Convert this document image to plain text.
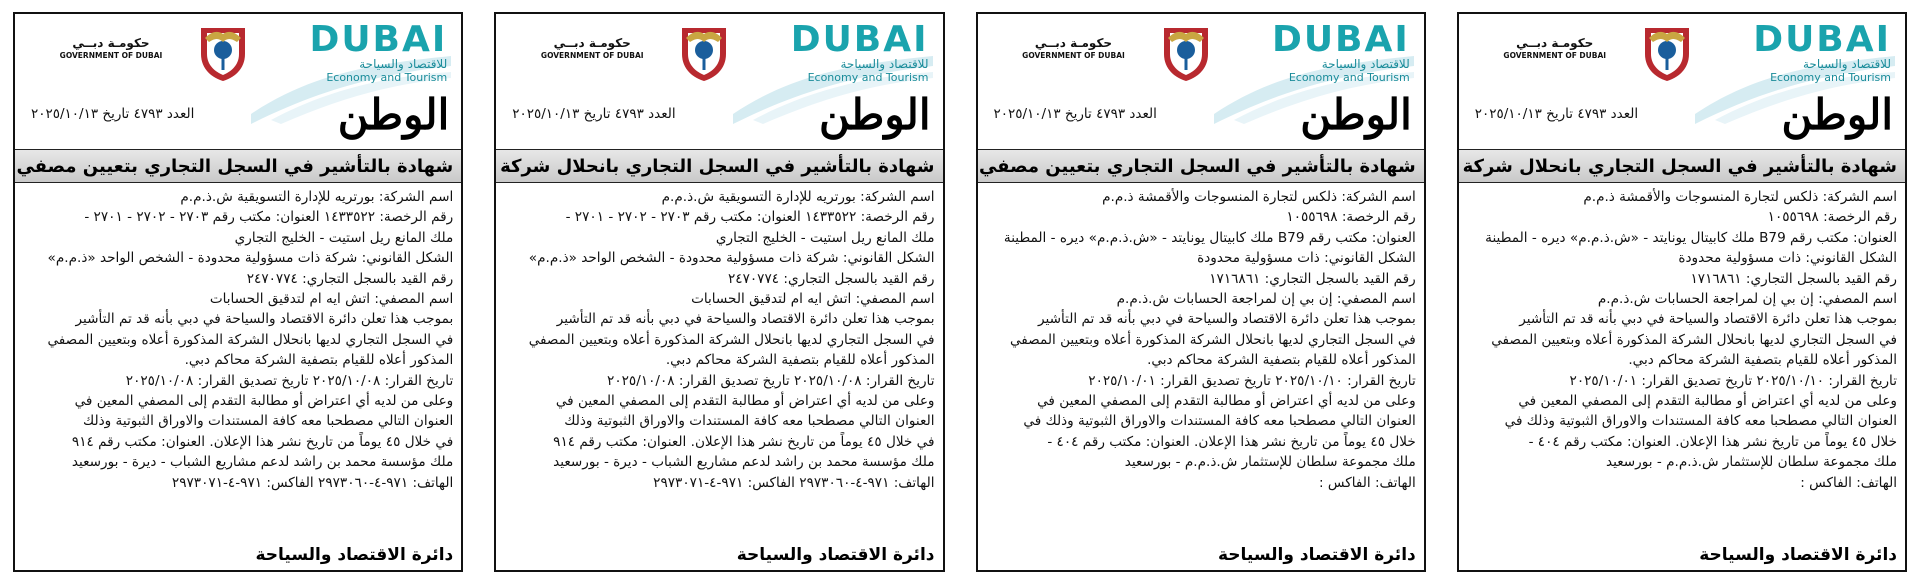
DUBAI
للاقتصاد والسياحة
Economy and Tourism
حكومـة دبــي
GOVERNMENT OF DUBAI
الوطن
العدد ٤٧٩٣ تاريخ ٢٠٢٥/١٠/١٣
شهادة بالتأشير في السجل التجاري بانحلال شركة
اسم الشركة: ذلكس لتجارة المنسوجات والأقمشة ذ.م.م
رقم الرخصة: ١٠٥٥٦٩٨
العنوان: مكتب رقم B79 ملك كابيتال يونايتد - «ش.ذ.م.م» ديره - المطينة
الشكل القانوني: ذات مسؤولية محدودة
رقم القيد بالسجل التجاري: ١٧١٦٨٦١
اسم المصفي: إن بي إن لمراجعة الحسابات ش.ذ.م.م
بموجب هذا تعلن دائرة الاقتصاد والسياحة في دبي بأنه قد تم التأشير
في السجل التجاري لديها بانحلال الشركة المذكورة أعلاه وبتعيين المصفي
المذكور أعلاه للقيام بتصفية الشركة محاكم دبي.
تاريخ القرار: ٢٠٢٥/١٠/١٠ تاريخ تصديق القرار: ٢٠٢٥/١٠/٠١
وعلى من لديه أي اعتراض أو مطالبة التقدم إلى المصفي المعين في
العنوان التالي مصطحبا معه كافة المستندات والاوراق الثبوتية وذلك في
خلال ٤٥ يوماً من تاريخ نشر هذا الإعلان. العنوان: مكتب رقم ٤٠٤ -
ملك مجموعة سلطان للإستثمار ش.ذ.م.م - بورسعيد
الهاتف: الفاكس :
دائرة الاقتصاد والسياحة
DUBAI
للاقتصاد والسياحة
Economy and Tourism
حكومـة دبــي
GOVERNMENT OF DUBAI
الوطن
العدد ٤٧٩٣ تاريخ ٢٠٢٥/١٠/١٣
شهادة بالتأشير في السجل التجاري بتعيين مصفي
اسم الشركة: ذلكس لتجارة المنسوجات والأقمشة ذ.م.م
رقم الرخصة: ١٠٥٥٦٩٨
العنوان: مكتب رقم B79 ملك كابيتال يونايتد - «ش.ذ.م.م» ديره - المطينة
الشكل القانوني: ذات مسؤولية محدودة
رقم القيد بالسجل التجاري: ١٧١٦٨٦١
اسم المصفي: إن بي إن لمراجعة الحسابات ش.ذ.م.م
بموجب هذا تعلن دائرة الاقتصاد والسياحة في دبي بأنه قد تم التأشير
في السجل التجاري لديها بانحلال الشركة المذكورة أعلاه وبتعيين المصفي
المذكور أعلاه للقيام بتصفية الشركة محاكم دبي.
تاريخ القرار: ٢٠٢٥/١٠/١٠ تاريخ تصديق القرار: ٢٠٢٥/١٠/٠١
وعلى من لديه أي اعتراض أو مطالبة التقدم إلى المصفي المعين في
العنوان التالي مصطحبا معه كافة المستندات والاوراق الثبوتية وذلك في
خلال ٤٥ يوماً من تاريخ نشر هذا الإعلان. العنوان: مكتب رقم ٤٠٤ -
ملك مجموعة سلطان للإستثمار ش.ذ.م.م - بورسعيد
الهاتف: الفاكس :
دائرة الاقتصاد والسياحة
DUBAI
للاقتصاد والسياحة
Economy and Tourism
حكومـة دبــي
GOVERNMENT OF DUBAI
الوطن
العدد ٤٧٩٣ تاريخ ٢٠٢٥/١٠/١٣
شهادة بالتأشير في السجل التجاري بانحلال شركة
اسم الشركة: بورتريه للإدارة التسويقية ش.ذ.م.م
رقم الرخصة: ١٤٣٣٥٢٢ العنوان: مكتب رقم ٢٧٠٣ - ٢٧٠٢ - ٢٧٠١ -
ملك المانع ريل استيت - الخليج التجاري
الشكل القانوني: شركة ذات مسؤولية محدودة - الشخص الواحد «ذ.م.م»
رقم القيد بالسجل التجاري: ٢٤٧٠٧٧٤
اسم المصفي: اتش ايه ام لتدقيق الحسابات
بموجب هذا تعلن دائرة الاقتصاد والسياحة في دبي بأنه قد تم التأشير
في السجل التجاري لديها بانحلال الشركة المذكورة أعلاه وبتعيين المصفي
المذكور أعلاه للقيام بتصفية الشركة محاكم دبي.
تاريخ القرار: ٢٠٢٥/١٠/٠٨ تاريخ تصديق القرار: ٢٠٢٥/١٠/٠٨
وعلى من لديه أي اعتراض أو مطالبة التقدم إلى المصفي المعين في
العنوان التالي مصطحبا معه كافة المستندات والاوراق الثبوتية وذلك
في خلال ٤٥ يوماً من تاريخ نشر هذا الإعلان. العنوان: مكتب رقم ٩١٤
ملك مؤسسة محمد بن راشد لدعم مشاريع الشباب - ديرة - بورسعيد
الهاتف: ٩٧١-٤-٢٩٧٣٠٦٠ الفاكس: ٩٧١-٤-٢٩٧٣٠٧١
دائرة الاقتصاد والسياحة
DUBAI
للاقتصاد والسياحة
Economy and Tourism
حكومـة دبــي
GOVERNMENT OF DUBAI
الوطن
العدد ٤٧٩٣ تاريخ ٢٠٢٥/١٠/١٣
شهادة بالتأشير في السجل التجاري بتعيين مصفي
اسم الشركة: بورتريه للإدارة التسويقية ش.ذ.م.م
رقم الرخصة: ١٤٣٣٥٢٢ العنوان: مكتب رقم ٢٧٠٣ - ٢٧٠٢ - ٢٧٠١ -
ملك المانع ريل استيت - الخليج التجاري
الشكل القانوني: شركة ذات مسؤولية محدودة - الشخص الواحد «ذ.م.م»
رقم القيد بالسجل التجاري: ٢٤٧٠٧٧٤
اسم المصفي: اتش ايه ام لتدقيق الحسابات
بموجب هذا تعلن دائرة الاقتصاد والسياحة في دبي بأنه قد تم التأشير
في السجل التجاري لديها بانحلال الشركة المذكورة أعلاه وبتعيين المصفي
المذكور أعلاه للقيام بتصفية الشركة محاكم دبي.
تاريخ القرار: ٢٠٢٥/١٠/٠٨ تاريخ تصديق القرار: ٢٠٢٥/١٠/٠٨
وعلى من لديه أي اعتراض أو مطالبة التقدم إلى المصفي المعين في
العنوان التالي مصطحبا معه كافة المستندات والاوراق الثبوتية وذلك
في خلال ٤٥ يوماً من تاريخ نشر هذا الإعلان. العنوان: مكتب رقم ٩١٤
ملك مؤسسة محمد بن راشد لدعم مشاريع الشباب - ديرة - بورسعيد
الهاتف: ٩٧١-٤-٢٩٧٣٠٦٠ الفاكس: ٩٧١-٤-٢٩٧٣٠٧١
دائرة الاقتصاد والسياحة
